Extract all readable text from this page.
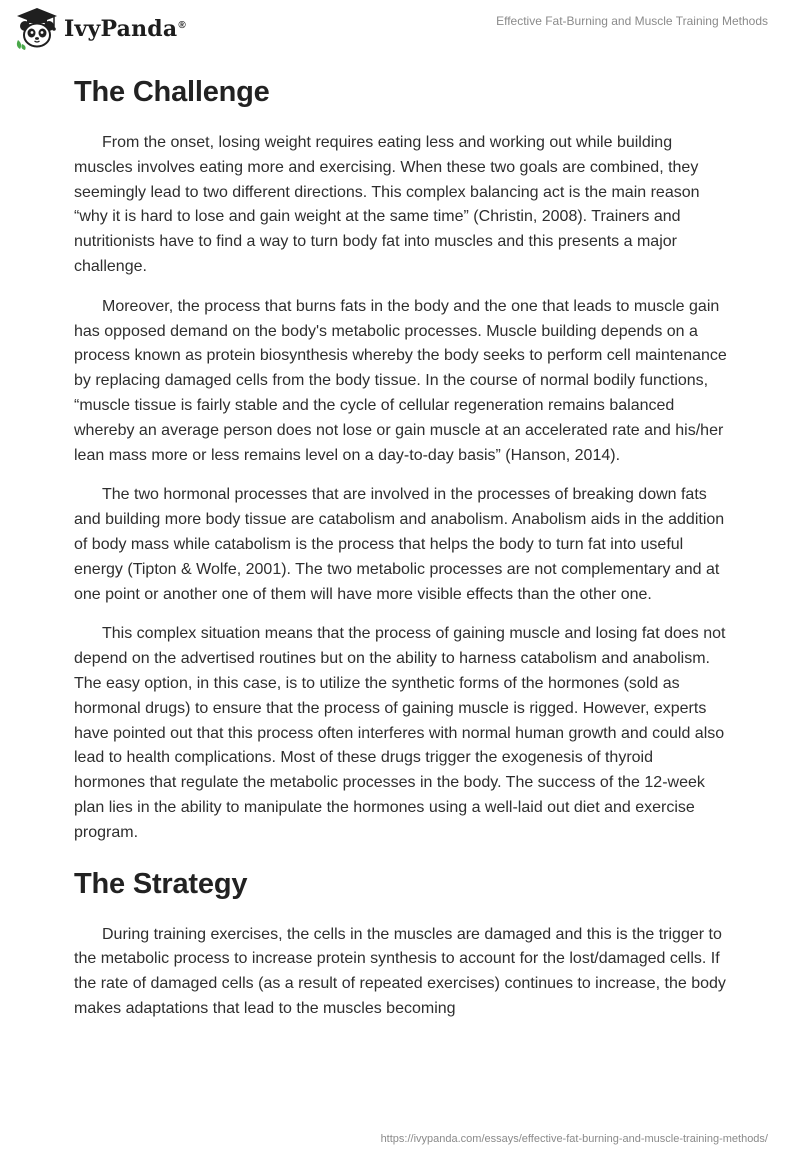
IvyPanda®	Effective Fat-Burning and Muscle Training Methods
The Challenge

From the onset, losing weight requires eating less and working out while building muscles involves eating more and exercising. When these two goals are combined, they seemingly lead to two different directions. This complex balancing act is the main reason “why it is hard to lose and gain weight at the same time” (Christin, 2008). Trainers and nutritionists have to find a way to turn body fat into muscles and this presents a major challenge.

Moreover, the process that burns fats in the body and the one that leads to muscle gain has opposed demand on the body's metabolic processes. Muscle building depends on a process known as protein biosynthesis whereby the body seeks to perform cell maintenance by replacing damaged cells from the body tissue. In the course of normal bodily functions, “muscle tissue is fairly stable and the cycle of cellular regeneration remains balanced whereby an average person does not lose or gain muscle at an accelerated rate and his/her lean mass more or less remains level on a day-to-day basis” (Hanson, 2014).

The two hormonal processes that are involved in the processes of breaking down fats and building more body tissue are catabolism and anabolism. Anabolism aids in the addition of body mass while catabolism is the process that helps the body to turn fat into useful energy (Tipton & Wolfe, 2001). The two metabolic processes are not complementary and at one point or another one of them will have more visible effects than the other one.

This complex situation means that the process of gaining muscle and losing fat does not depend on the advertised routines but on the ability to harness catabolism and anabolism. The easy option, in this case, is to utilize the synthetic forms of the hormones (sold as hormonal drugs) to ensure that the process of gaining muscle is rigged. However, experts have pointed out that this process often interferes with normal human growth and could also lead to health complications. Most of these drugs trigger the exogenesis of thyroid hormones that regulate the metabolic processes in the body. The success of the 12-week plan lies in the ability to manipulate the hormones using a well-laid out diet and exercise program.

The Strategy

During training exercises, the cells in the muscles are damaged and this is the trigger to the metabolic process to increase protein synthesis to account for the lost/damaged cells. If the rate of damaged cells (as a result of repeated exercises) continues to increase, the body makes adaptations that lead to the muscles becoming

https://ivypanda.com/essays/effective-fat-burning-and-muscle-training-methods/
